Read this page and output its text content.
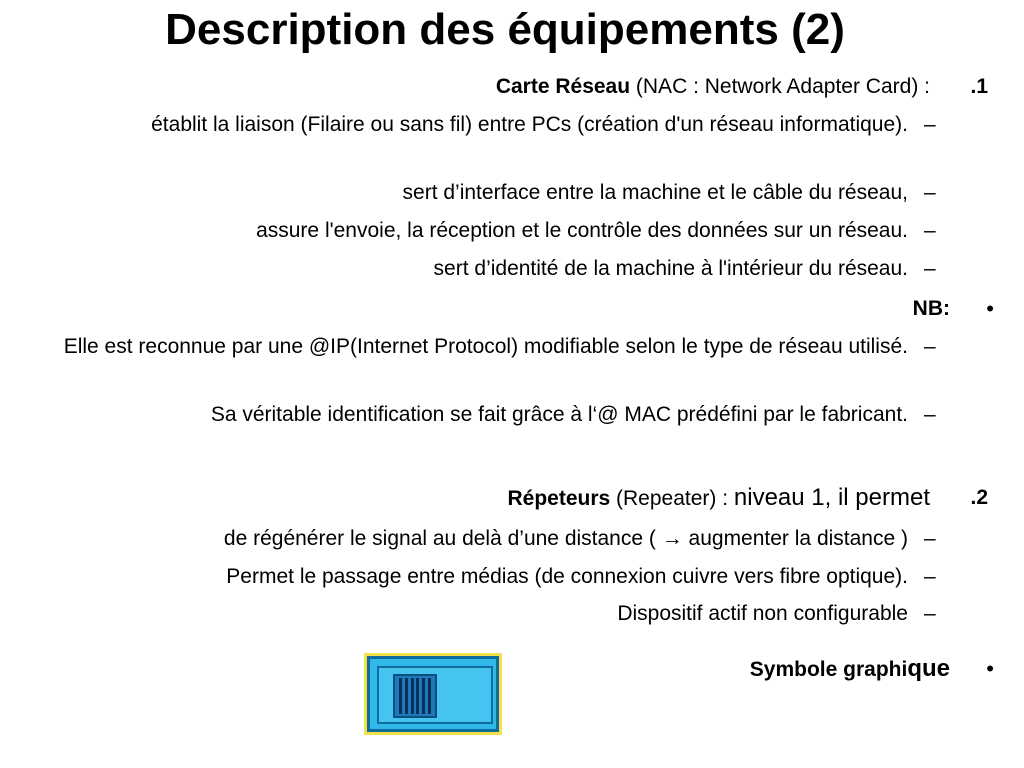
Description des équipements (2)
Carte Réseau (NAC : Network Adapter Card) :	.1
établit la liaison (Filaire ou sans fil) entre PCs (création d'un réseau informatique). –
sert d’interface entre la machine et le câble du réseau, –
assure l'envoie, la réception et le contrôle des données sur un réseau. –
sert d’identité de la machine à l'intérieur du réseau. –
NB:	•
Elle est reconnue par une @IP(Internet Protocol) modifiable selon le type de réseau utilisé. –
Sa véritable identification se fait grâce à l‘@ MAC prédéfini par le fabricant. –
Répeteurs (Repeater) : niveau 1, il permet	.2
de régénérer le signal au delà d’une distance ( → augmenter la distance ) –
Permet le passage entre médias (de connexion cuivre vers fibre optique). –
Dispositif actif non configurable –
Symbole graphique	•
